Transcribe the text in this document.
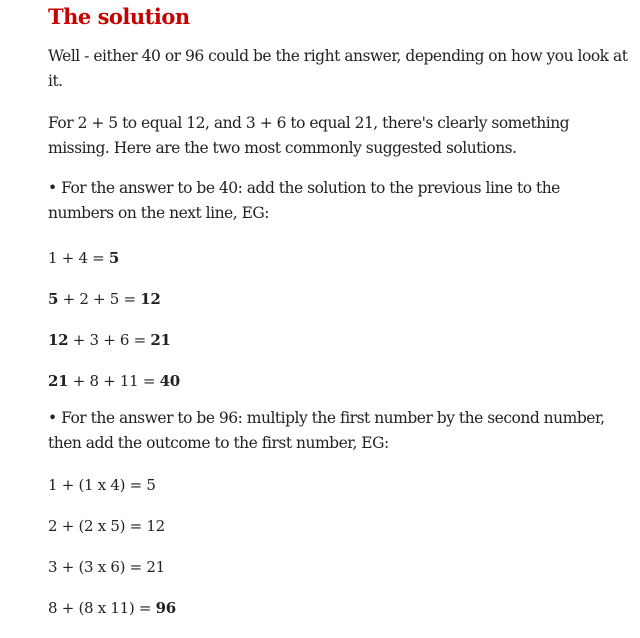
The solution

Well - either 40 or 96 could be the right answer, depending on how you look at it.

For 2 + 5 to equal 12, and 3 + 6 to equal 21, there's clearly something missing. Here are the two most commonly suggested solutions.

• For the answer to be 40: add the solution to the previous line to the numbers on the next line, EG:

1 + 4 = 5

5 + 2 + 5 = 12

12 + 3 + 6 = 21

21 + 8 + 11 = 40

• For the answer to be 96: multiply the first number by the second number, then add the outcome to the first number, EG:

1 + (1 x 4) = 5

2 + (2 x 5) = 12

3 + (3 x 6) = 21

8 + (8 x 11) = 96
